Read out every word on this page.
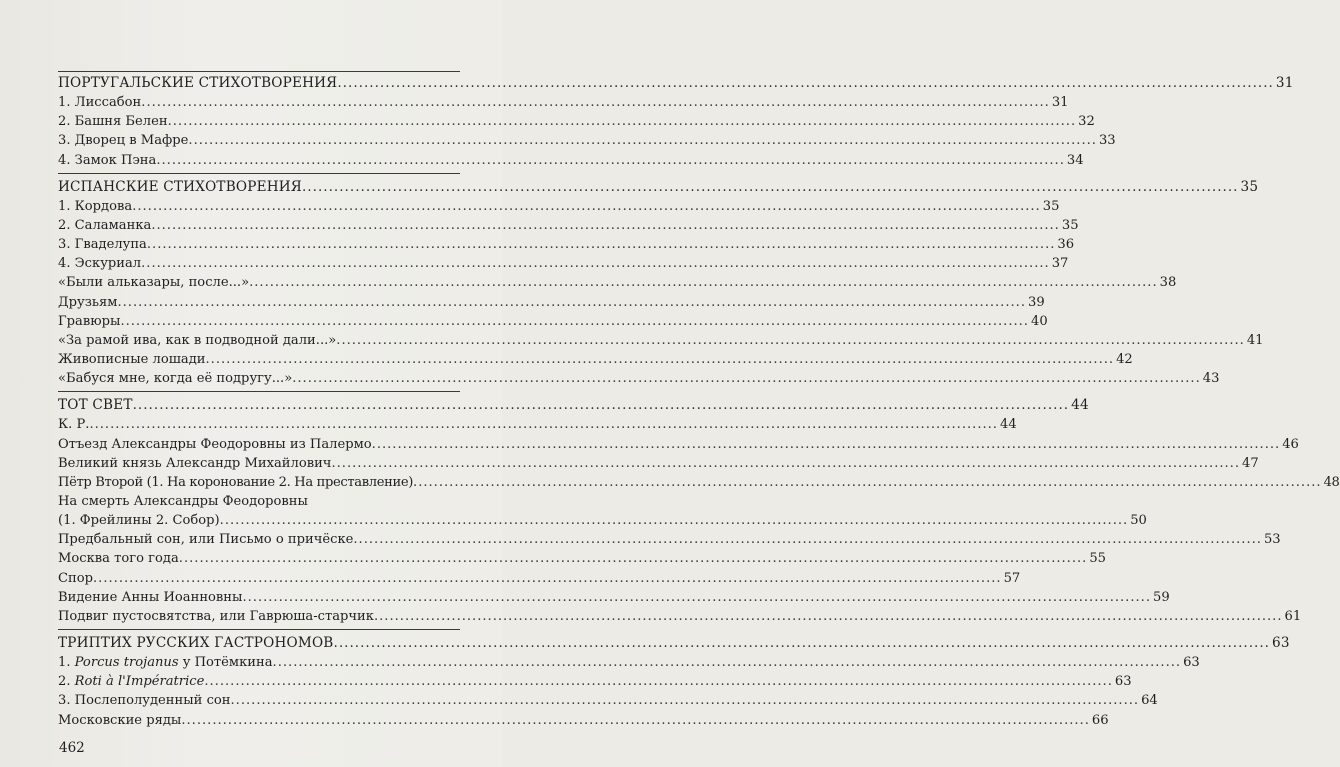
ПОРТУГАЛЬСКИЕ СТИХОТВОРЕНИЯ .....	31
1. Лиссабон .....	31
2. Башня Белен .....	32
3. Дворец в Мафре .....	33
4. Замок Пэна .....	34
ИСПАНСКИЕ СТИХОТВОРЕНИЯ .....	35
1. Кордова .....	35
2. Саламанка .....	35
3. Гваделупа .....	36
4. Эскуриал .....	37
«Были альказары, после...» .....	38
Друзьям .....	39
Гравюры .....	40
«За рамой ива, как в подводной дали...» .....	41
Живописные лошади .....	42
«Бабуся мне, когда её подругу...» .....	43
ТОТ СВЕТ .....	44
К. Р. .....	44
Отъезд Александры Феодоровны из Палермо .....	46
Великий князь Александр Михайлович .....	47
Пётр Второй (1. На коронование 2. На преставление) .....	48
На смерть Александры Феодоровны
(1. Фрейлины 2. Собор) .....	50
Предбальный сон, или Письмо о причёске .....	53
Москва того года .....	55
Спор .....	57
Видение Анны Иоанновны .....	59
Подвиг пустосвятства, или Гаврюша-старчик .....	61
ТРИПТИХ РУССКИХ ГАСТРОНОМОВ .....	63
1. Porcus trojanus у Потёмкина .....	63
2. Roti à l'Impératrice .....	63
3. Послеполуденный сон .....	64
Московские ряды .....	66
462
